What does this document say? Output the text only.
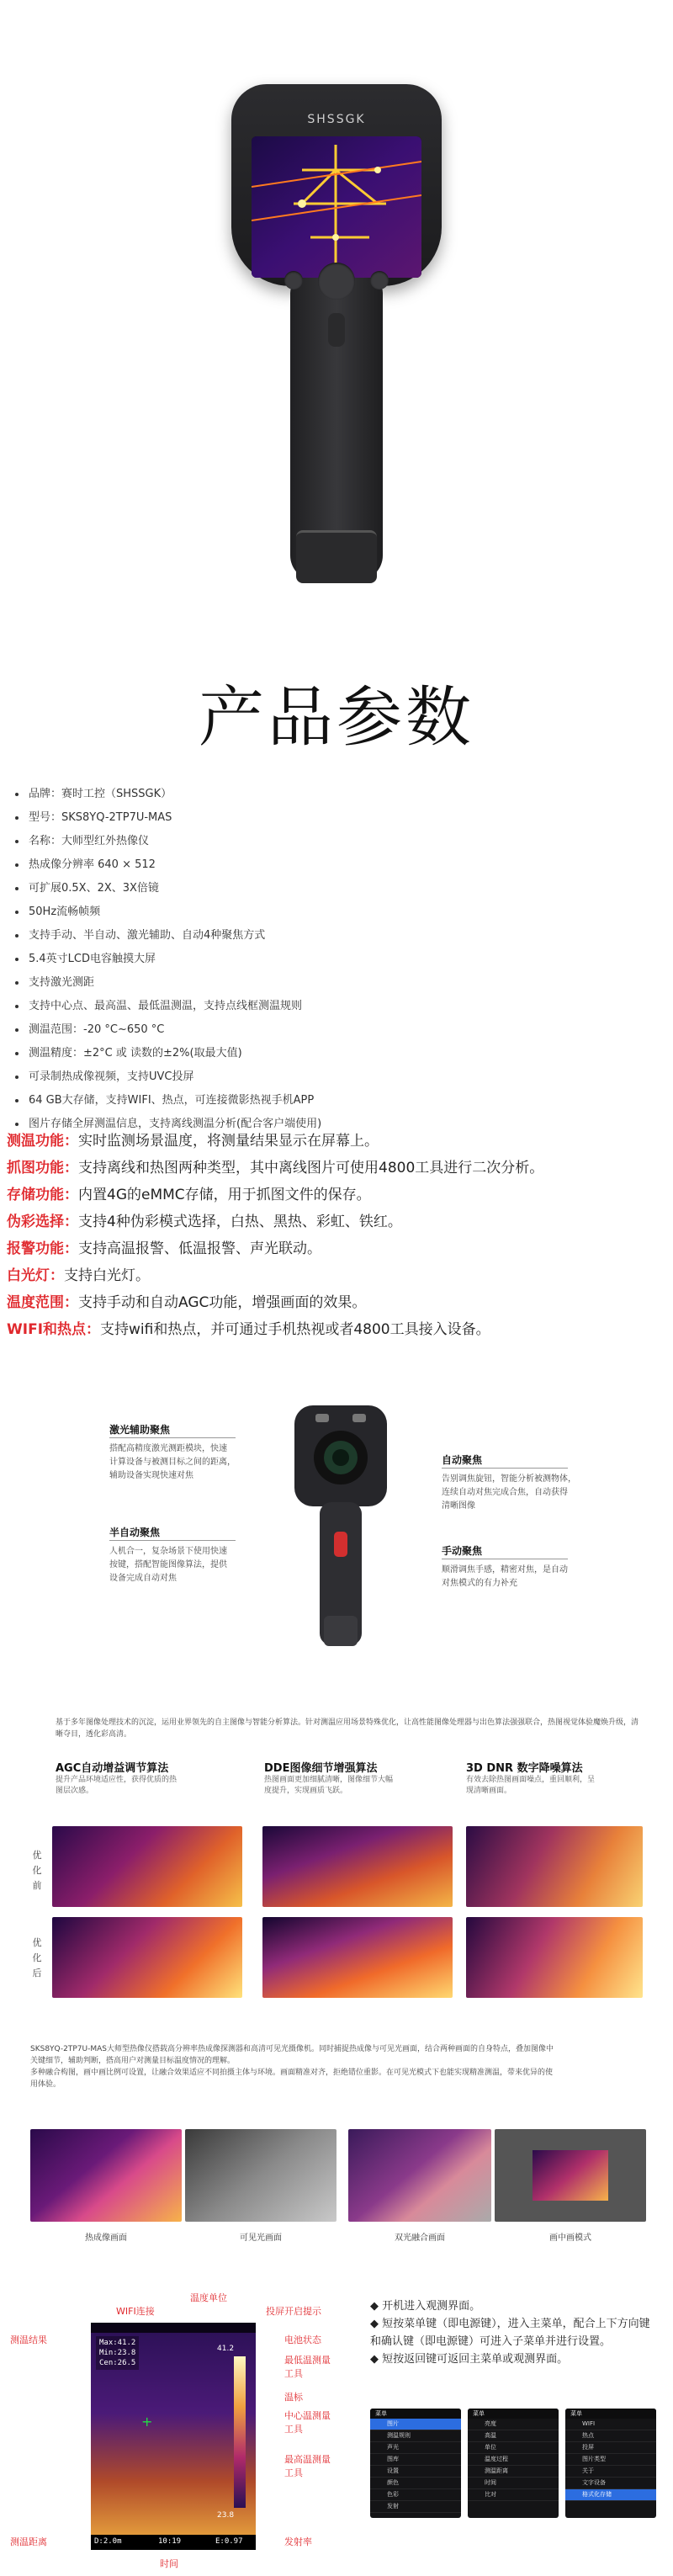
SHSSGK
产品参数
品牌：赛时工控（SHSSGK）
型号：SKS8YQ-2TP7U-MAS
名称：大师型红外热像仪
热成像分辨率 640 × 512
可扩展0.5X、2X、3X倍镜
50Hz流畅帧频
支持手动、半自动、激光辅助、自动4种聚焦方式
5.4英寸LCD电容触摸大屏
支持激光测距
支持中心点、最高温、最低温测温，支持点线框测温规则
测温范围：-20 °C~650 °C
测温精度：±2°C 或 读数的±2%(取最大值)
可录制热成像视频，支持UVC投屏
64 GB大存储，支持WIFI、热点，可连接微影热视手机APP
图片存储全屏测温信息，支持离线测温分析(配合客户端使用)
测温功能：实时监测场景温度，将测量结果显示在屏幕上。
抓图功能：支持离线和热图两种类型，其中离线图片可使用4800工具进行二次分析。
存储功能：内置4G的eMMC存储，用于抓图文件的保存。
伪彩选择：支持4种伪彩模式选择，白热、黑热、彩虹、铁红。
报警功能：支持高温报警、低温报警、声光联动。
白光灯：支持白光灯。
温度范围：支持手动和自动AGC功能，增强画面的效果。
WIFI和热点：支持wifi和热点，并可通过手机热视或者4800工具接入设备。
激光辅助聚焦
搭配高精度激光测距模块，快速
计算设备与被测目标之间的距离，
辅助设备实现快速对焦
自动聚焦
告别调焦旋钮，智能分析被测物体，
连续自动对焦完成合焦，自动获得
清晰图像
半自动聚焦
人机合一，复杂场景下使用快速
按键，搭配智能图像算法，提供
设备完成自动对焦
手动聚焦
顺滑调焦手感，精密对焦，是自动
对焦模式的有力补充
基于多年图像处理技术的沉淀，运用业界领先的自主图像与智能分析算法。针对测温应用场景特殊优化，让高性能图像处理器与出色算法强强联合，热图视觉体验魔焕升级，清晰夺目，透化彩高清。
AGC自动增益调节算法
提升产品环境适应性，获得优质的热
图层次感。
DDE图像细节增强算法
热图画面更加细腻清晰，图像细节大幅
度提升，实现画质飞跃。
3D DNR 数字降噪算法
有效去除热图画面噪点，重回顺利，呈
现清晰画面。
优化前
优化后
SKS8YQ-2TP7U-MAS大师型热像仪搭载高分辨率热成像探测器和高清可见光摄像机。同时捕捉热成像与可见光画面，结合两种画面的自身特点，叠加图像中
关键细节，辅助判断，搭高用户对测量目标温度情况的理解。
多种融合构图，画中画比例可设置，让融合效果适应不同拍摄主体与环境。画面精准对齐，拒绝错位重影。在可见光模式下也能实现精准测温，带来优异的使
用体验。
热成像画面	可见光画面	双光融合画面	画中画模式
Max:41.2
Min:23.8
Cen:26.5
41.2
23.8
+
D:2.0m	10:19	E:0.97
温度单位
WIFI连接	投屏开启提示
测温结果	电池状态
最低温测量工具
温标
中心温测量工具
最高温测量工具
测温距离	发射率
时间
◆ 开机进入观测界面。
◆ 短按菜单键（即电源键），进入主菜单，配合上下方向键和确认键（即电源键）可进入子菜单并进行设置。
◆ 短按返回键可返回主菜单或观测界面。
菜单
图片
测温规则
声光
图库
设置
颜色
色彩
发射
菜单
亮度
高温
单位
温度过程
测温距离
时间
比对
菜单
WIFI
热点
投屏
图片类型
关于
文字设备
格式化存储
